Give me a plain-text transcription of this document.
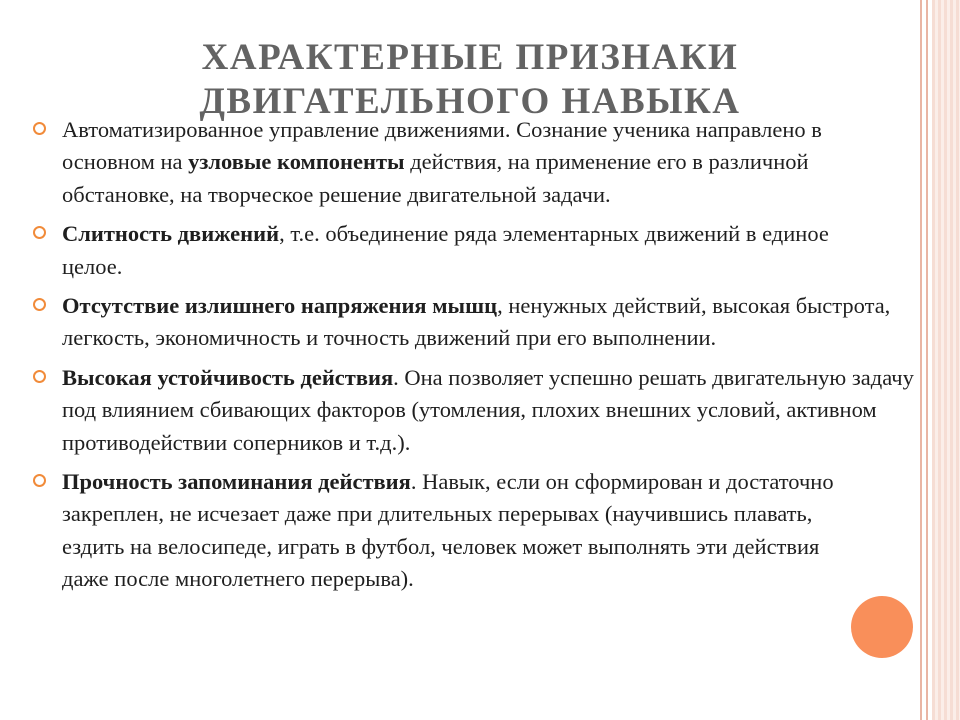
ХАРАКТЕРНЫЕ ПРИЗНАКИ
ДВИГАТЕЛЬНОГО НАВЫКА
Автоматизированное управление движениями. Сознание ученика направлено в основном на узловые компоненты действия, на применение его в различной обстановке, на творческое решение двигательной задачи.
Слитность движений, т.е. объединение ряда элементарных движений в единое целое.
Отсутствие излишнего напряжения мышц, ненужных действий, высокая быстрота, легкость, экономичность и точность движений при его выполнении.
Высокая устойчивость действия. Она позволяет успешно решать двигательную задачу под влиянием сбивающих факторов (утомления, плохих внешних условий, активном противодействии соперников и т.д.).
Прочность запоминания действия. Навык, если он сформирован и достаточно закреплен, не исчезает даже при длительных перерывах (научившись плавать, ездить на велосипеде, играть в футбол, человек может выполнять эти действия даже после многолетнего перерыва).
